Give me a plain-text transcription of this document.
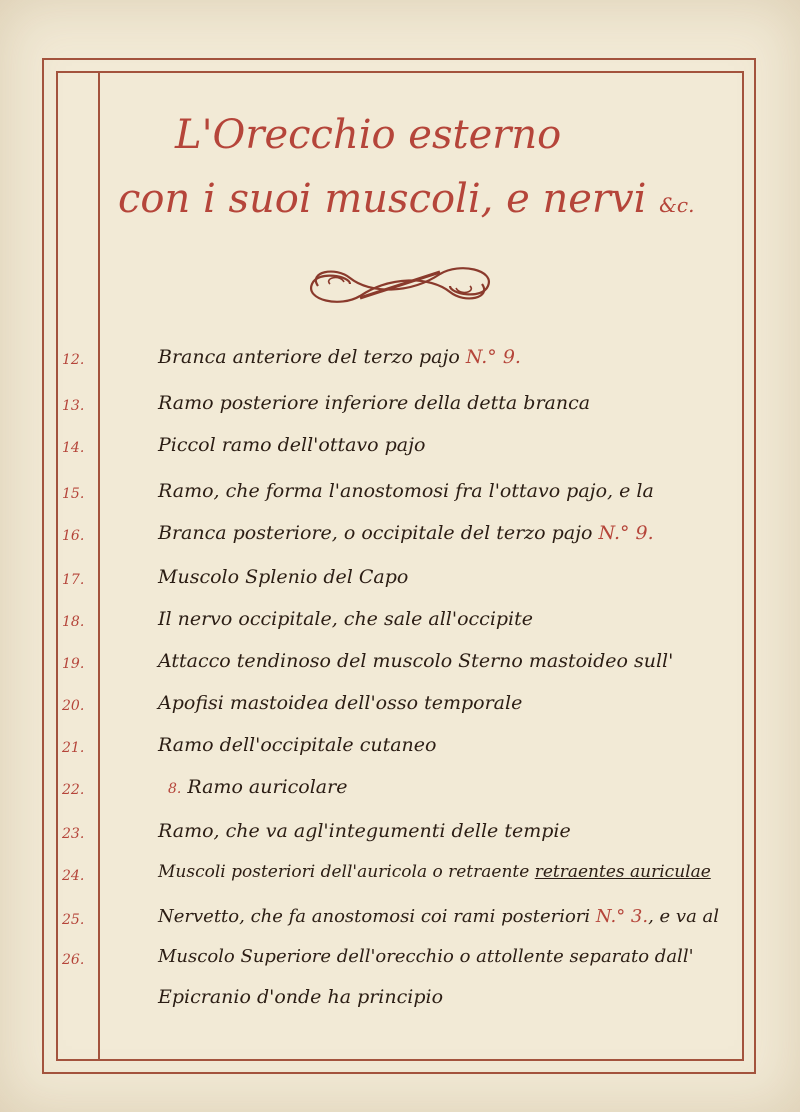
L'Orecchio esterno
con i suoi muscoli, e nervi &c.
12.	Branca anteriore del terzo pajo N.° 9.
13.	Ramo posteriore inferiore della detta branca
14.	Piccol ramo dell'ottavo pajo
15.	Ramo, che forma l'anostomosi fra l'ottavo pajo, e la
16.	Branca posteriore, o occipitale del terzo pajo N.° 9.
17.	Muscolo Splenio del Capo
18.	Il nervo occipitale, che sale all'occipite
19.	Attacco tendinoso del muscolo Sterno mastoideo sull'
20.	Apofisi mastoidea dell'osso temporale
21.	Ramo dell'occipitale cutaneo
22.	8. Ramo auricolare
23.	Ramo, che va agl'integumenti delle tempie
24.	Muscoli posteriori dell'auricola o retraente retraentes auriculae
25.	Nervetto, che fa anostomosi coi rami posteriori N.° 3., e va al
26.	Muscolo Superiore dell'orecchio o attollente separato dall'
Epicranio d'onde ha principio
